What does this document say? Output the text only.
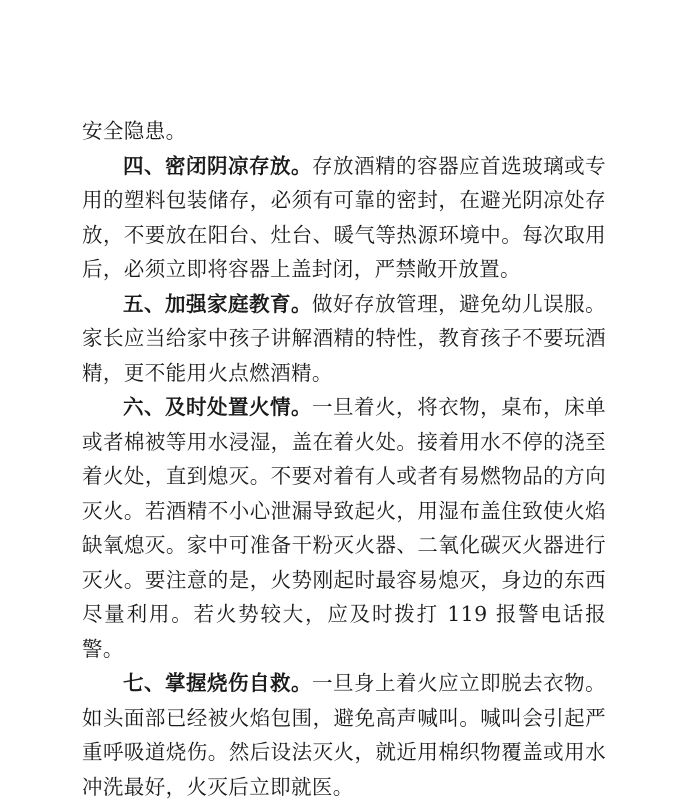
安全隐患。

四、密闭阴凉存放。存放酒精的容器应首选玻璃或专用的塑料包装储存，必须有可靠的密封，在避光阴凉处存放，不要放在阳台、灶台、暖气等热源环境中。每次取用后，必须立即将容器上盖封闭，严禁敞开放置。

五、加强家庭教育。做好存放管理，避免幼儿误服。家长应当给家中孩子讲解酒精的特性，教育孩子不要玩酒精，更不能用火点燃酒精。

六、及时处置火情。一旦着火，将衣物，桌布，床单或者棉被等用水浸湿，盖在着火处。接着用水不停的浇至着火处，直到熄灭。不要对着有人或者有易燃物品的方向灭火。若酒精不小心泄漏导致起火，用湿布盖住致使火焰缺氧熄灭。家中可准备干粉灭火器、二氧化碳灭火器进行灭火。要注意的是，火势刚起时最容易熄灭，身边的东西尽量利用。若火势较大，应及时拨打 119 报警电话报警。

七、掌握烧伤自救。一旦身上着火应立即脱去衣物。如头面部已经被火焰包围，避免高声喊叫。喊叫会引起严重呼吸道烧伤。然后设法灭火，就近用棉织物覆盖或用水冲洗最好，火灭后立即就医。
